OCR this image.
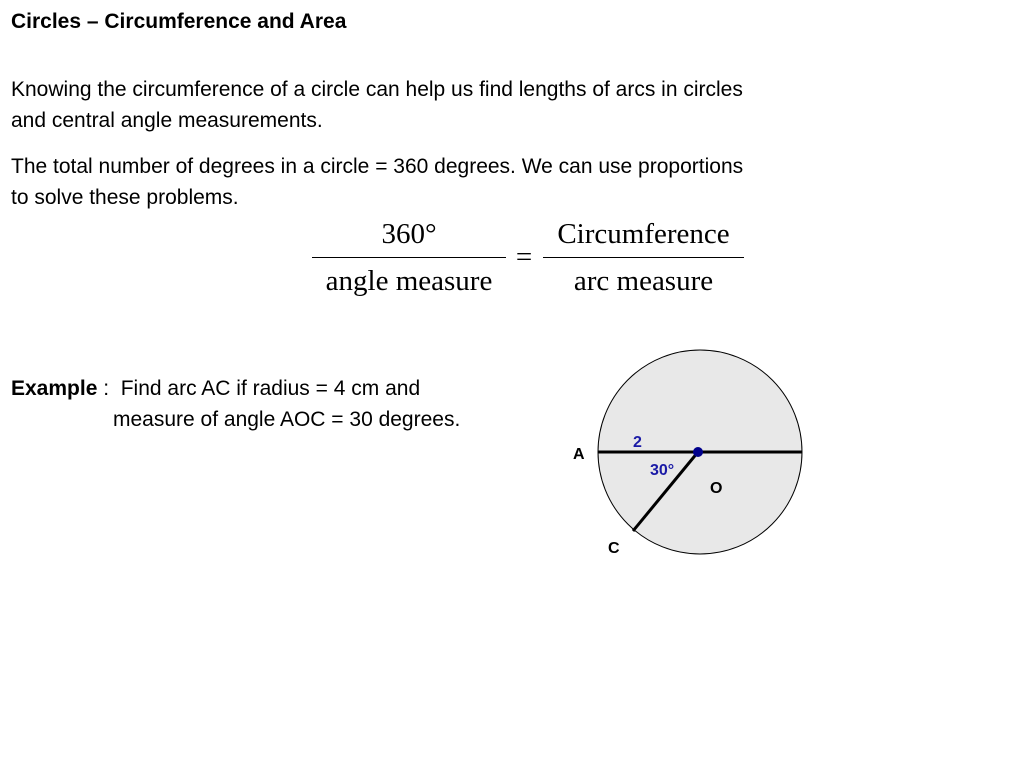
Circles – Circumference and Area
Knowing the circumference of a circle can help us find lengths of arcs in circles
and central angle measurements.
The total number of degrees in a circle = 360 degrees. We can use proportions
to solve these problems.
360°
angle measure
=
Circumference
arc measure
Example :  Find arc AC if radius = 4 cm and
measure of angle AOC = 30 degrees.
A
O
C
2
30°
